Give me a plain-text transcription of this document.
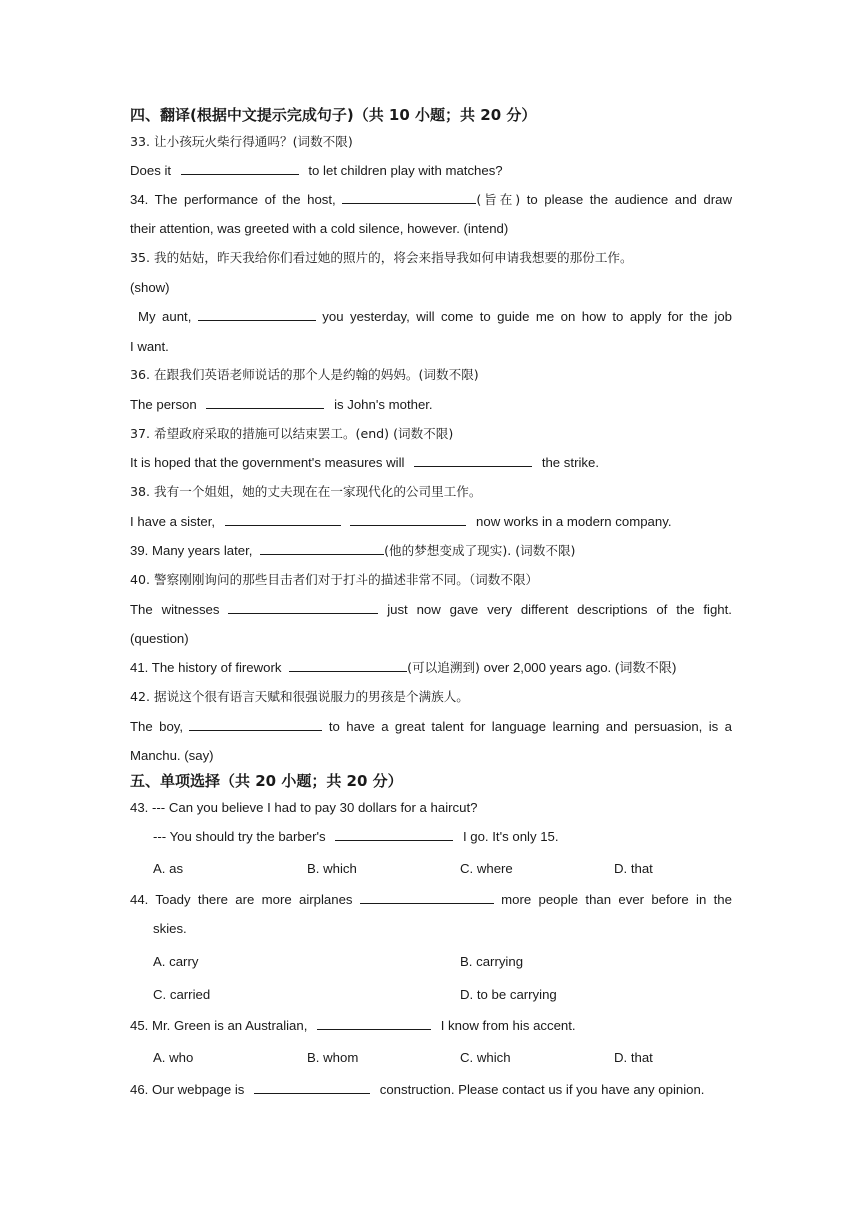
四、翻译(根据中文提示完成句子)（共 10 小题；共 20 分）
33. 让小孩玩火柴行得通吗？(词数不限)
Does it	to let children play with matches?
34. The performance of the host,	(旨在) to please the audience and draw
their attention, was greeted with a cold silence, however. (intend)
35. 我的姑姑，昨天我给你们看过她的照片的，将会来指导我如何申请我想要的那份工作。
(show)
My aunt,	you yesterday, will come to guide me on how to apply for the job
I want.
36. 在跟我们英语老师说话的那个人是约翰的妈妈。(词数不限)
The person	is John's mother.
37. 希望政府采取的措施可以结束罢工。(end) (词数不限)
It is hoped that the government's measures will	the strike.
38. 我有一个姐姐，她的丈夫现在在一家现代化的公司里工作。
I have a sister,	now works in a modern company.
39. Many years later,	(他的梦想变成了现实). (词数不限)
40. 警察刚刚询问的那些目击者们对于打斗的描述非常不同。（词数不限）
The witnesses	just now gave very different descriptions of the fight.
(question)
41. The history of firework	(可以追溯到) over 2,000 years ago. (词数不限)
42. 据说这个很有语言天赋和很强说服力的男孩是个满族人。
The boy,	to have a great talent for language learning and persuasion, is a
Manchu. (say)
五、单项选择（共 20 小题；共 20 分）
43. --- Can you believe I had to pay 30 dollars for a haircut?
--- You should try the barber's	I go. It's only 15.
A. as	B. which	C. where	D. that
44. Toady there are more airplanes	more people than ever before in the
skies.
A. carry	B. carrying
C. carried	D. to be carrying
45. Mr. Green is an Australian,	I know from his accent.
A. who	B. whom	C. which	D. that
46. Our webpage is	construction. Please contact us if you have any opinion.
